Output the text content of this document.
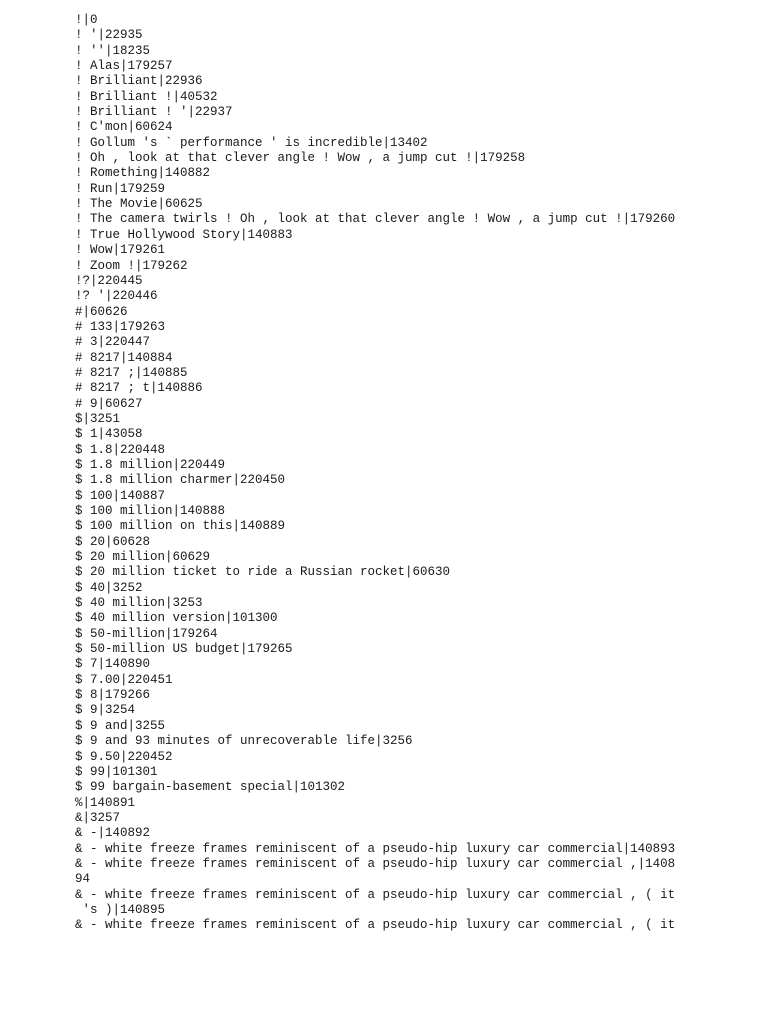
!|0
! '|22935
! ''|18235
! Alas|179257
! Brilliant|22936
! Brilliant !|40532
! Brilliant ! '|22937
! C'mon|60624
! Gollum 's ` performance ' is incredible|13402
! Oh , look at that clever angle ! Wow , a jump cut !|179258
! Romething|140882
! Run|179259
! The Movie|60625
! The camera twirls ! Oh , look at that clever angle ! Wow , a jump cut !|179260
! True Hollywood Story|140883
! Wow|179261
! Zoom !|179262
!?|220445
!? '|220446
#|60626
# 133|179263
# 3|220447
# 8217|140884
# 8217 ;|140885
# 8217 ; t|140886
# 9|60627
$|3251
$ 1|43058
$ 1.8|220448
$ 1.8 million|220449
$ 1.8 million charmer|220450
$ 100|140887
$ 100 million|140888
$ 100 million on this|140889
$ 20|60628
$ 20 million|60629
$ 20 million ticket to ride a Russian rocket|60630
$ 40|3252
$ 40 million|3253
$ 40 million version|101300
$ 50-million|179264
$ 50-million US budget|179265
$ 7|140890
$ 7.00|220451
$ 8|179266
$ 9|3254
$ 9 and|3255
$ 9 and 93 minutes of unrecoverable life|3256
$ 9.50|220452
$ 99|101301
$ 99 bargain-basement special|101302
%|140891
&|3257
& -|140892
& - white freeze frames reminiscent of a pseudo-hip luxury car commercial|140893
& - white freeze frames reminiscent of a pseudo-hip luxury car commercial ,|1408
94
& - white freeze frames reminiscent of a pseudo-hip luxury car commercial , ( it
's )|140895
& - white freeze frames reminiscent of a pseudo-hip luxury car commercial , ( it
